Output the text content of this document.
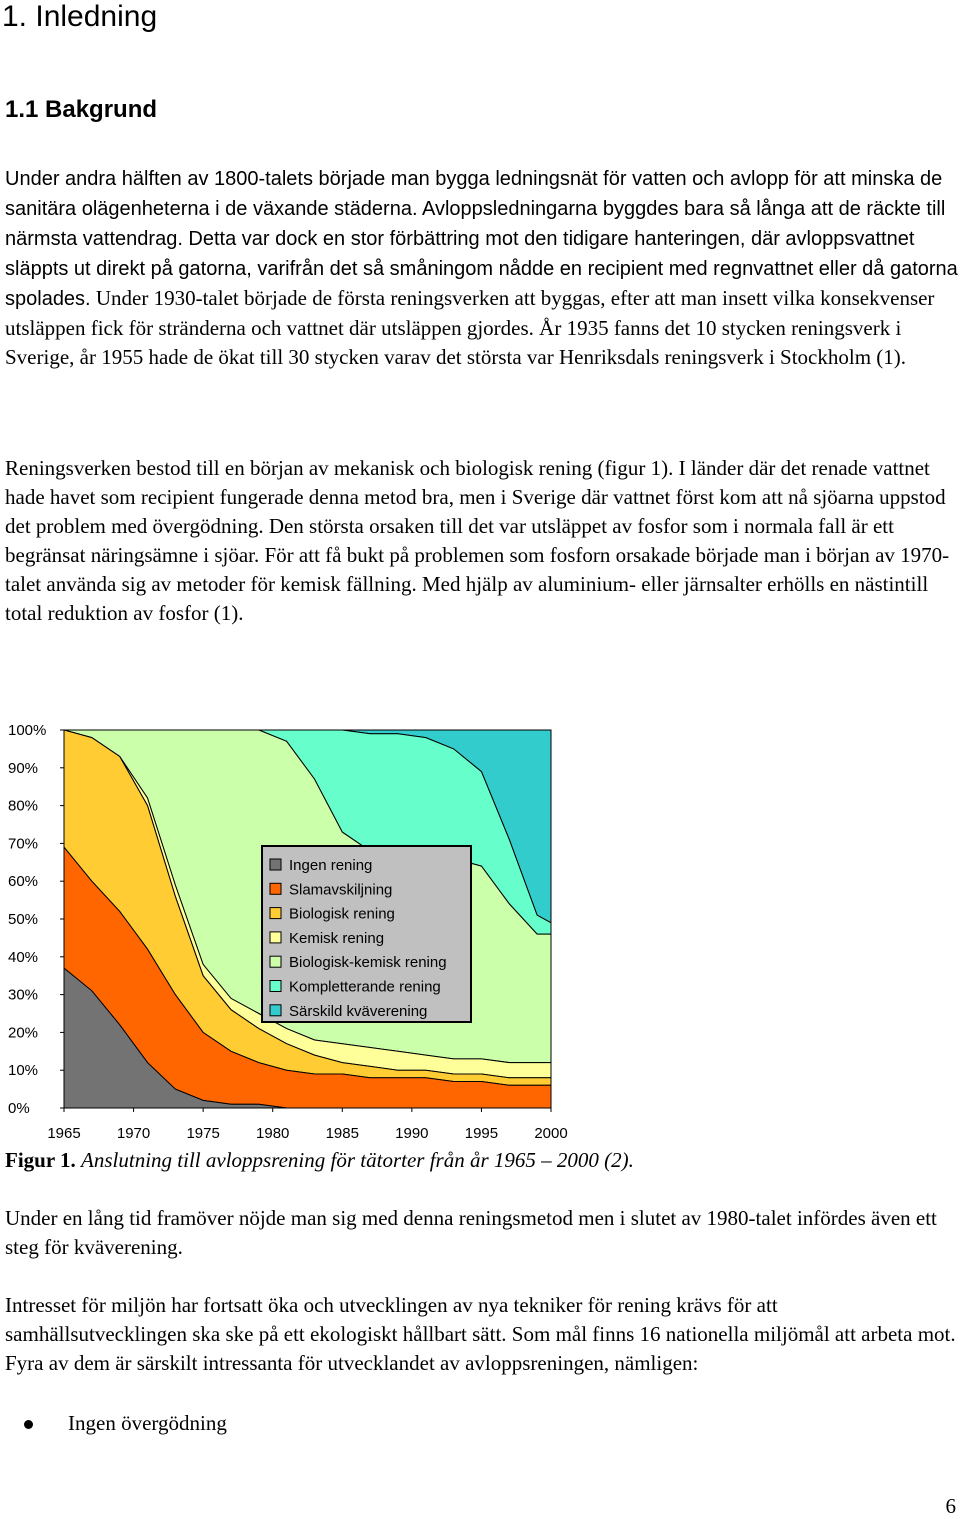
1. Inledning
1.1 Bakgrund

Under andra hälften av 1800-talets började man bygga ledningsnät för vatten och avlopp för att minska de sanitära olägenheterna i de växande städerna. Avloppsledningarna byggdes bara så långa att de räckte till närmsta vattendrag. Detta var dock en stor förbättring mot den tidigare hanteringen, där avloppsvattnet släppts ut direkt på gatorna, varifrån det så småningom nådde en recipient med regnvattnet eller då gatorna spolades. Under 1930-talet började de första reningsverken att byggas, efter att man insett vilka konsekvenser utsläppen fick för stränderna och vattnet där utsläppen gjordes. År 1935 fanns det 10 stycken reningsverk i Sverige, år 1955 hade de ökat till 30 stycken varav det största var Henriksdals reningsverk i Stockholm (1).

Reningsverken bestod till en början av mekanisk och biologisk rening (figur 1). I länder där det renade vattnet hade havet som recipient fungerade denna metod bra, men i Sverige där vattnet först kom att nå sjöarna uppstod det problem med övergödning. Den största orsaken till det var utsläppet av fosfor som i normala fall är ett begränsat näringsämne i sjöar. För att få bukt på problemen som fosforn orsakade började man i början av 1970-talet använda sig av metoder för kemisk fällning. Med hjälp av aluminium- eller järnsalter erhölls en nästintill total reduktion av fosfor (1).

0%
10%
20%
30%
40%
50%
60%
70%
80%
90%
100%
1965 1970 1975 1980 1985 1990 1995 2000
Ingen rening
Slamavskiljning
Biologisk rening
Kemisk rening
Biologisk-kemisk rening
Kompletterande rening
Särskild kväverening

Figur 1. Anslutning till avloppsrening för tätorter från år 1965 – 2000 (2).

Under en lång tid framöver nöjde man sig med denna reningsmetod men i slutet av 1980-talet infördes även ett steg för kväverening.

Intresset för miljön har fortsatt öka och utvecklingen av nya tekniker för rening krävs för att samhällsutvecklingen ska ske på ett ekologiskt hållbart sätt. Som mål finns 16 nationella miljömål att arbeta mot. Fyra av dem är särskilt intressanta för utvecklandet av avloppsreningen, nämligen:

Ingen övergödning
6
